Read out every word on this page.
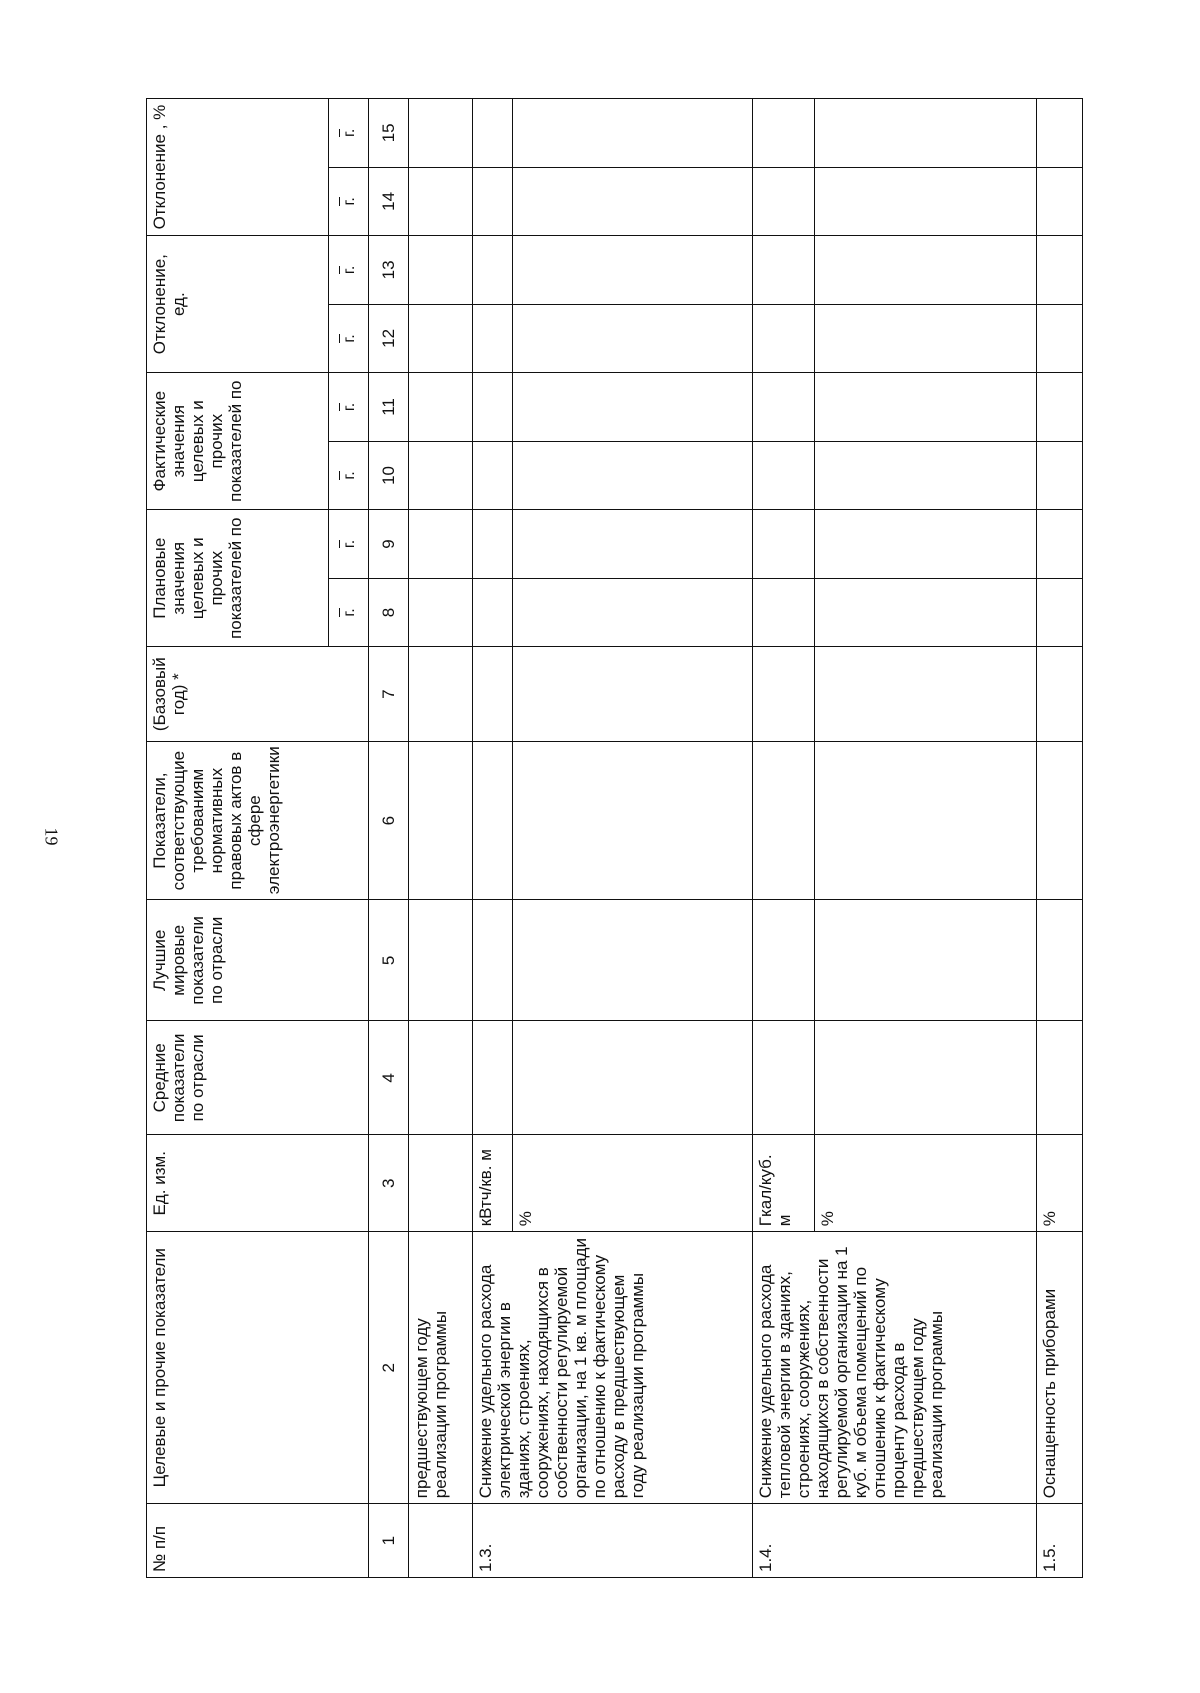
19
№ п/п	Целевые и прочие показатели	Ед. изм.	Средние показатели по отрасли	Лучшие мировые показатели по отрасли	Показатели, соответствующие требованиям нормативных правовых актов в сфере электроэнергетики	(Базовый год) *	Плановые значения целевых и прочих показателей по		Фактические значения целевых и прочих показателей по		Отклонение, ед.		Отклонение , %	
							г.	г.	г.	г.	г.	г.	г.	г.
1	2	3	4	5	6	7	8	9	10	11	12	13	14	15
	предшествующем году реализации программы													
1.3.	Снижение удельного расхода электрической энергии в зданиях, строениях, сооружениях, находящихся в собственности регулируемой организации, на 1 кв. м площади по отношению к фактическому расходу в предшествующем году реализации программы	кВтч/кв. м												
		%												
1.4.	Снижение удельного расхода тепловой энергии в зданиях, строениях, сооружениях, находящихся в собственности регулируемой организации на 1 куб. м объема помещений по отношению к фактическому проценту расхода в предшествующем году реализации программы	Гкал/куб. м												
		%												
1.5.	Оснащенность приборами	%												
